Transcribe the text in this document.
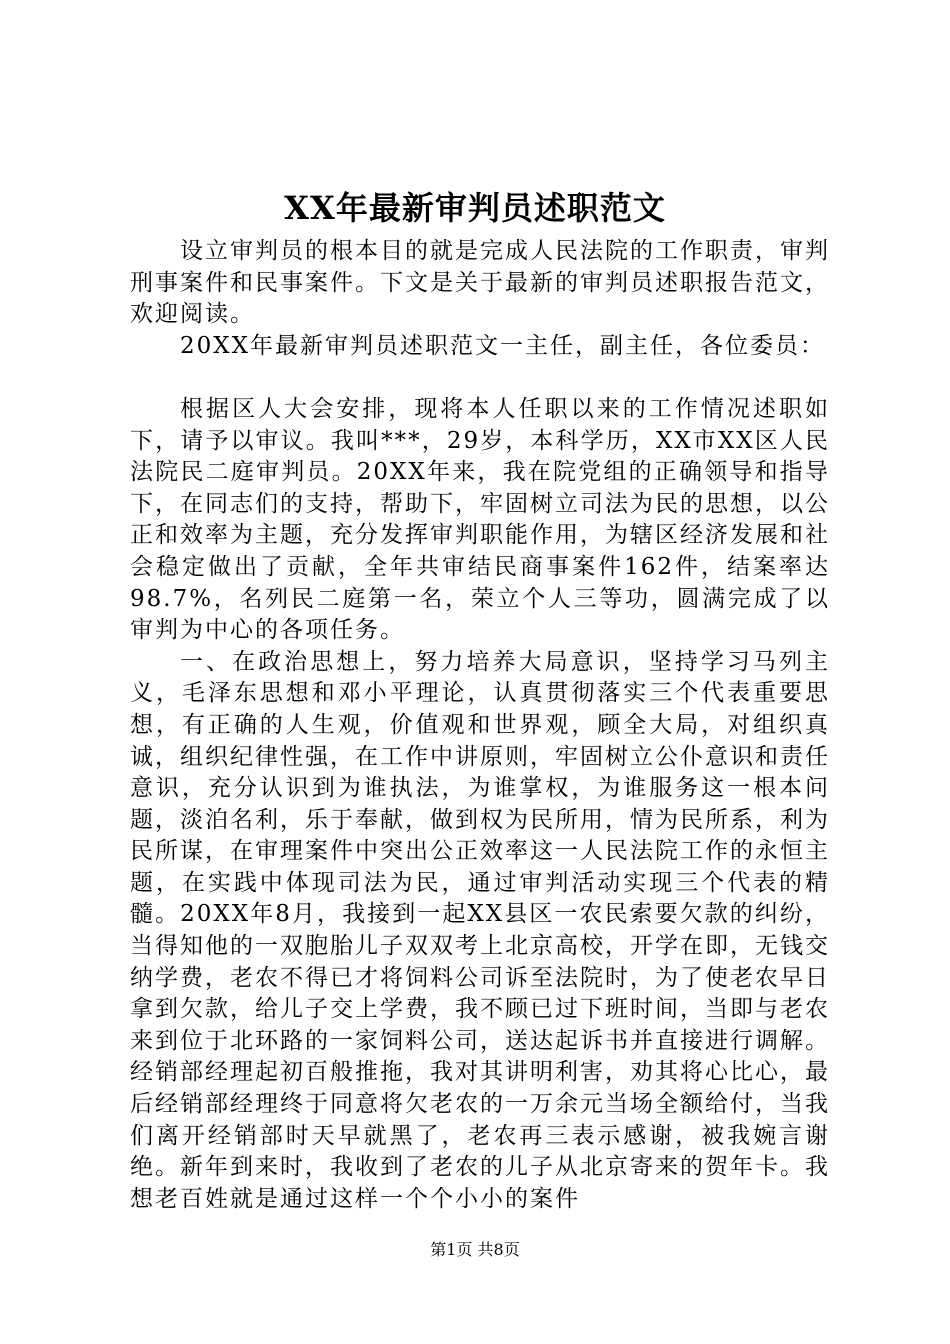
XX年最新审判员述职范文

设立审判员的根本目的就是完成人民法院的工作职责，审判刑事案件和民事案件。下文是关于最新的审判员述职报告范文，欢迎阅读。

20XX年最新审判员述职范文一主任，副主任，各位委员：

根据区人大会安排，现将本人任职以来的工作情况述职如下，请予以审议。我叫***，29岁，本科学历，XX市XX区人民法院民二庭审判员。20XX年来，我在院党组的正确领导和指导下，在同志们的支持，帮助下，牢固树立司法为民的思想，以公正和效率为主题，充分发挥审判职能作用，为辖区经济发展和社会稳定做出了贡献，全年共审结民商事案件162件，结案率达98.7%，名列民二庭第一名，荣立个人三等功，圆满完成了以审判为中心的各项任务。

一、在政治思想上，努力培养大局意识，坚持学习马列主义，毛泽东思想和邓小平理论，认真贯彻落实三个代表重要思想，有正确的人生观，价值观和世界观，顾全大局，对组织真诚，组织纪律性强，在工作中讲原则，牢固树立公仆意识和责任意识，充分认识到为谁执法，为谁掌权，为谁服务这一根本问题，淡泊名利，乐于奉献，做到权为民所用，情为民所系，利为民所谋，在审理案件中突出公正效率这一人民法院工作的永恒主题，在实践中体现司法为民，通过审判活动实现三个代表的精髓。20XX年8月，我接到一起XX县区一农民索要欠款的纠纷，当得知他的一双胞胎儿子双双考上北京高校，开学在即，无钱交纳学费，老农不得已才将饲料公司诉至法院时，为了使老农早日拿到欠款，给儿子交上学费，我不顾已过下班时间，当即与老农来到位于北环路的一家饲料公司，送达起诉书并直接进行调解。经销部经理起初百般推拖，我对其讲明利害，劝其将心比心，最后经销部经理终于同意将欠老农的一万余元当场全额给付，当我们离开经销部时天早就黑了，老农再三表示感谢，被我婉言谢绝。新年到来时，我收到了老农的儿子从北京寄来的贺年卡。我想老百姓就是通过这样一个个小小的案件

第1页 共8页
